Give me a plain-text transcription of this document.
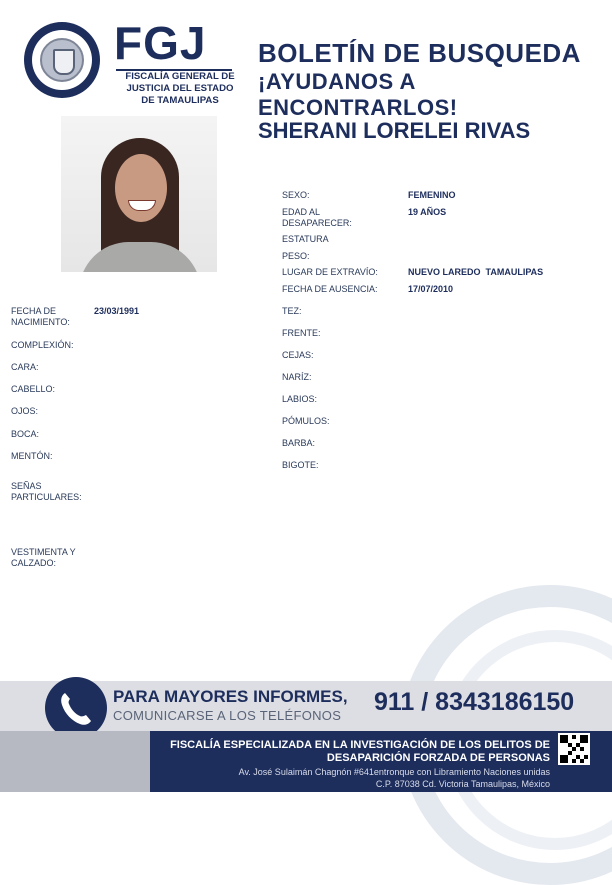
FGJ
FISCALÍA GENERAL DE
JUSTICIA DEL ESTADO
DE TAMAULIPAS
BOLETÍN DE BUSQUEDA
¡AYUDANOS A ENCONTRARLOS!
SHERANI LORELEI RIVAS
SEXO:	FEMENINO
EDAD AL DESAPARECER:
19 AÑOS
ESTATURA
PESO:
LUGAR DE EXTRAVÍO:	NUEVO LAREDO  TAMAULIPAS
FECHA DE AUSENCIA:	17/07/2010
FECHA DE NACIMIENTO:
23/03/1991
COMPLEXIÓN:
CARA:
CABELLO:
OJOS:
BOCA:
MENTÓN:
SEÑAS PARTICULARES:
VESTIMENTA Y CALZADO:
TEZ:
FRENTE:
CEJAS:
NARÍZ:
LABIOS:
PÓMULOS:
BARBA:
BIGOTE:
PARA MAYORES INFORMES,
COMUNICARSE A LOS TELÉFONOS 911 / 8343186150
FISCALÍA ESPECIALIZADA EN LA INVESTIGACIÓN DE LOS DELITOS DE
DESAPARICIÓN FORZADA DE PERSONAS
Av. José Sulaimán Chagnón #641entronque con Libramiento Naciones unidas
C.P. 87038 Cd. Victoria Tamaulipas, México
